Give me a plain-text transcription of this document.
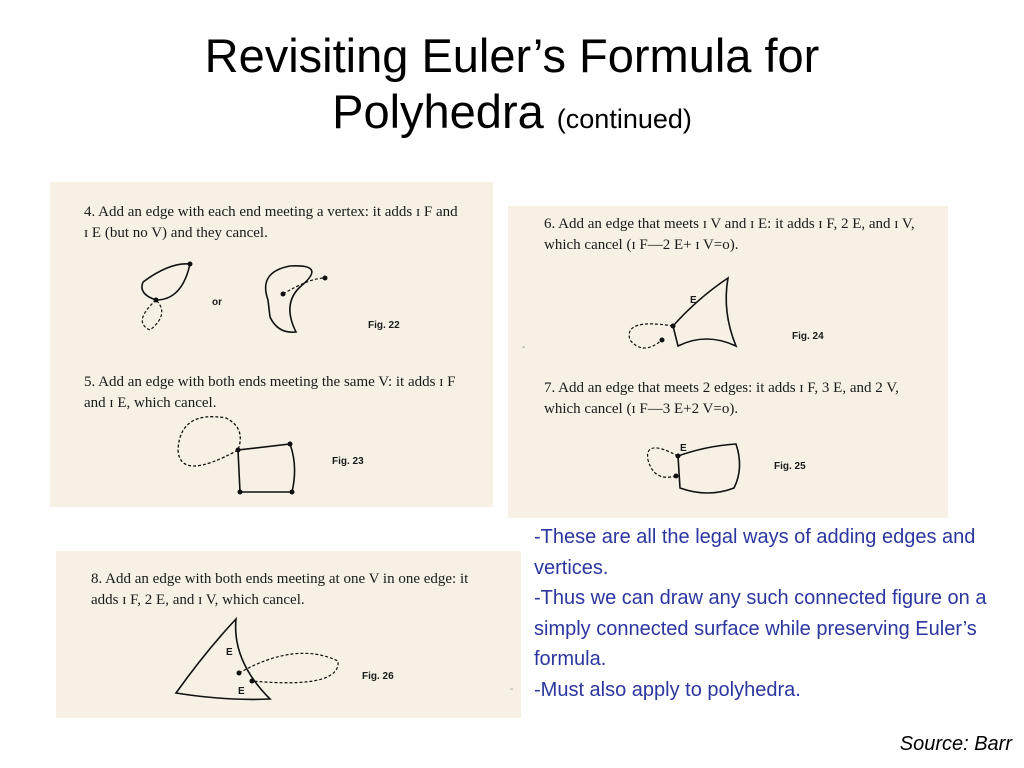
Revisiting Euler’s Formula for
Polyhedra (continued)
4. Add an edge with each end meeting a vertex: it adds ɪ F and ɪ E (but no V) and they cancel.
5. Add an edge with both ends meeting the same V: it adds ɪ F and ɪ E, which cancel.
or
Fig. 22
Fig. 23
6. Add an edge that meets ɪ V and ɪ E: it adds ɪ F, 2 E, and ɪ V, which cancel (ɪ F—2 E+ ɪ V=o).
7. Add an edge that meets 2 edges: it adds ɪ F, 3 E, and 2 V, which cancel (ɪ F—3 E+2 V=o).
E
Fig. 24
E
Fig. 25
-
8. Add an edge with both ends meeting at one V in one edge: it adds ɪ F, 2 E, and ɪ V, which cancel.
E
E
Fig. 26
-
-These are all the legal ways of adding edges and vertices.
-Thus we can draw any such connected figure on a simply connected surface while preserving Euler’s formula.
-Must also apply to polyhedra.
Source: Barr
